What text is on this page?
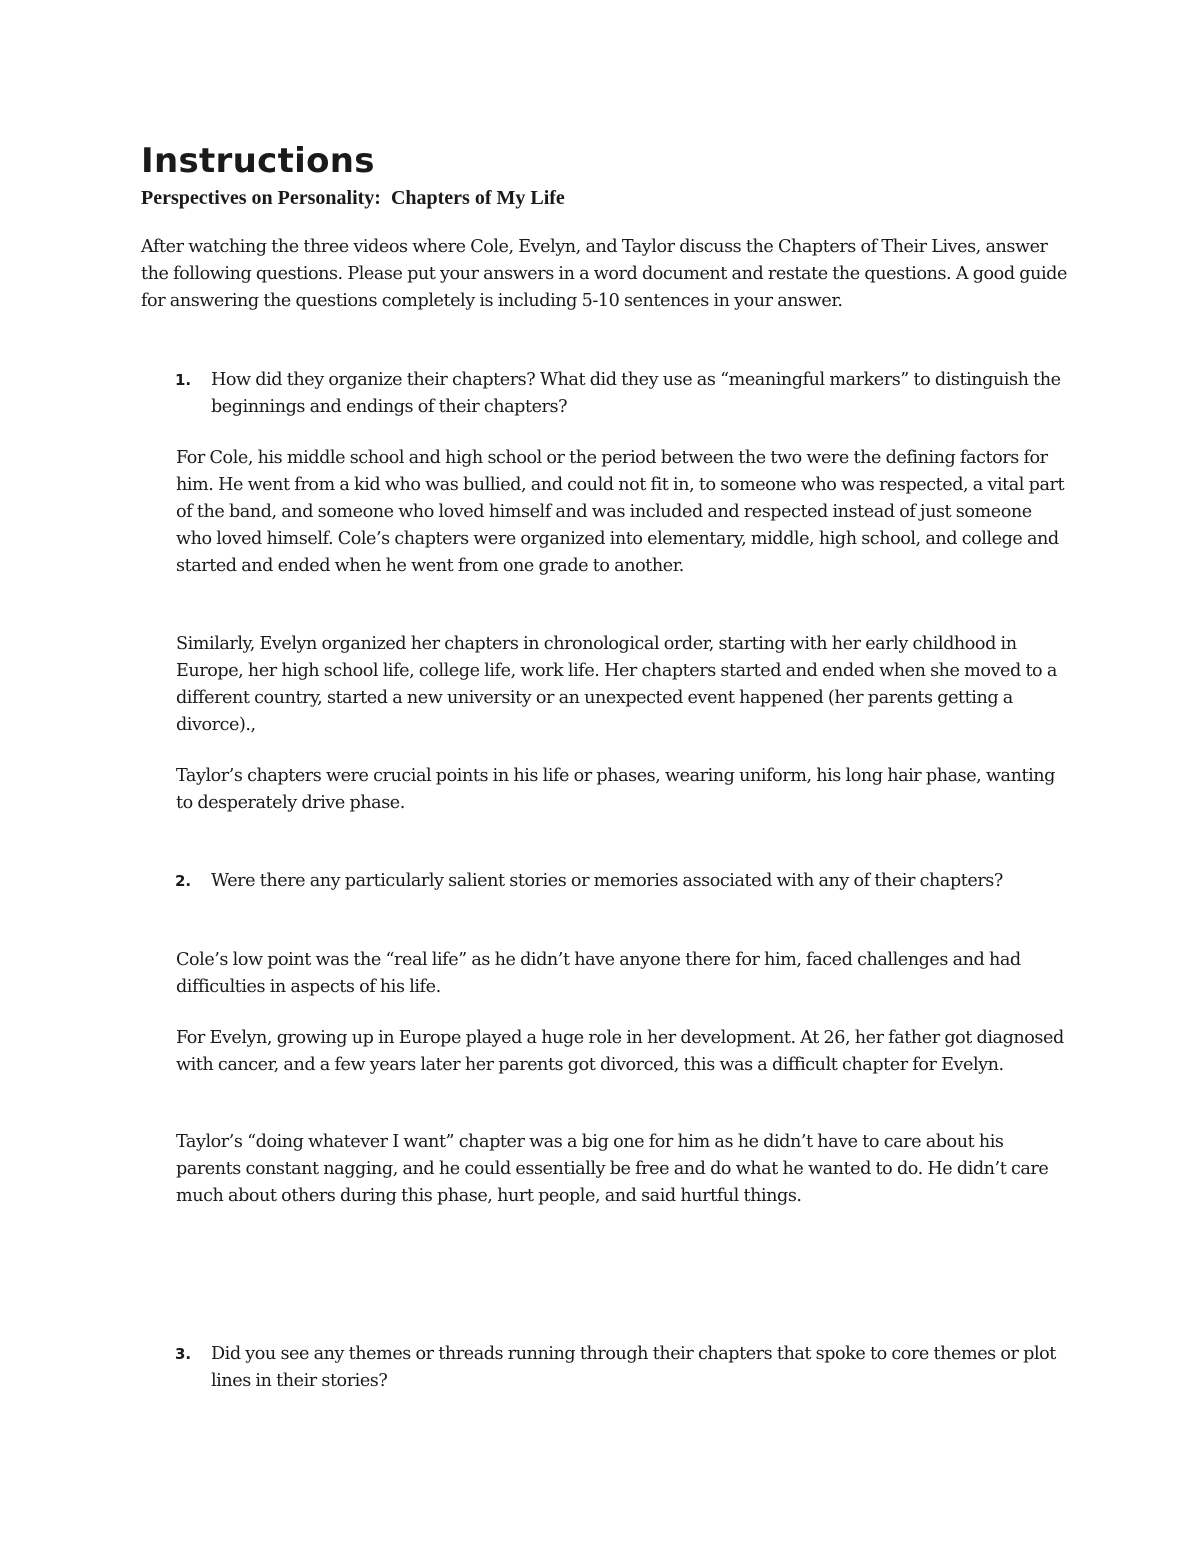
Instructions

Perspectives on Personality:  Chapters of My Life

After watching the three videos where Cole, Evelyn, and Taylor discuss the Chapters of Their Lives, answer the following questions. Please put your answers in a word document and restate the questions. A good guide for answering the questions completely is including 5-10 sentences in your answer.

1. How did they organize their chapters? What did they use as “meaningful markers” to distinguish the beginnings and endings of their chapters?

For Cole, his middle school and high school or the period between the two were the defining factors for him. He went from a kid who was bullied, and could not fit in, to someone who was respected, a vital part of the band, and someone who loved himself and was included and respected instead of just someone who loved himself. Cole’s chapters were organized into elementary, middle, high school, and college and started and ended when he went from one grade to another.

Similarly, Evelyn organized her chapters in chronological order, starting with her early childhood in Europe, her high school life, college life, work life. Her chapters started and ended when she moved to a different country, started a new university or an unexpected event happened (her parents getting a divorce).,

Taylor’s chapters were crucial points in his life or phases, wearing uniform, his long hair phase, wanting to desperately drive phase.

2. Were there any particularly salient stories or memories associated with any of their chapters?

Cole’s low point was the “real life” as he didn’t have anyone there for him, faced challenges and had difficulties in aspects of his life.

For Evelyn, growing up in Europe played a huge role in her development. At 26, her father got diagnosed with cancer, and a few years later her parents got divorced, this was a difficult chapter for Evelyn.

Taylor’s “doing whatever I want” chapter was a big one for him as he didn’t have to care about his parents constant nagging, and he could essentially be free and do what he wanted to do. He didn’t care much about others during this phase, hurt people, and said hurtful things.

3. Did you see any themes or threads running through their chapters that spoke to core themes or plot lines in their stories?
